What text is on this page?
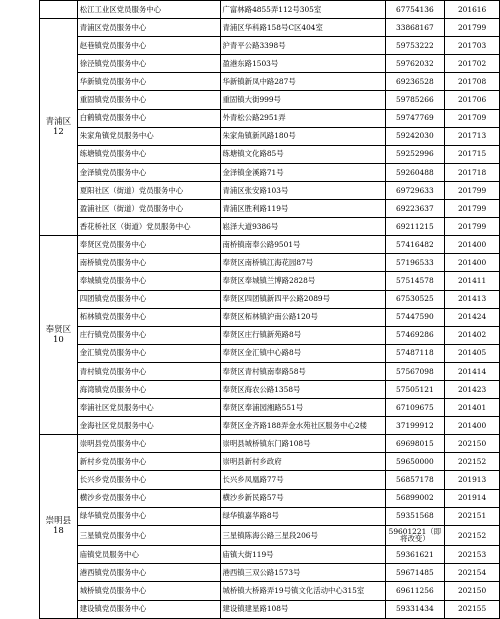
	松江工业区党员服务中心	广富林路4855弄112号305室	67754136	201616

青浦区
12	青浦区党员服务中心	青浦区华科路158号C区404室	33868167	201799
	赵巷镇党员服务中心	沪青平公路3398号	59753222	201703
	徐泾镇党员服务中心	盈港东路1503号	59762032	201702
	华新镇党员服务中心	华新镇新凤中路287号	69236528	201708
	重固镇党员服务中心	重固镇大街999号	59785266	201706
	白鹤镇党员服务中心	外青松公路2951弄	59747769	201709
	朱家角镇党员服务中心	朱家角镇新风路180号	59242030	201713
	练塘镇党员服务中心	练塘镇文化路85号	59252996	201715
	金泽镇党员服务中心	金泽镇金溪路71号	59260488	201718
	夏阳社区（街道）党员服务中心	青浦区张安路103号	69729633	201799
	盈浦社区（街道）党员服务中心	青浦区胜利路119号	69223637	201799
	香花桥社区（街道）党员服务中心	崧泽大道9386号	69211215	201799

奉贤区
10	奉贤区党员服务中心	南桥镇南奉公路9501号	57416482	201400
	南桥镇党员服务中心	奉贤区南桥镇江海花园87号	57196533	201400
	奉城镇党员服务中心	奉贤区奉城镇兰博路2828号	57514578	201411
	四团镇党员服务中心	奉贤区四团镇新四平公路2089号	67530525	201413
	柘林镇党员服务中心	奉贤区柘林镇沪南公路120号	57447590	201424
	庄行镇党员服务中心	奉贤区庄行镇新苑路8号	57469286	201402
	金汇镇党员服务中心	奉贤区金汇镇中心路8号	57487118	201405
	青村镇党员服务中心	奉贤区青村镇南奉路58号	57567098	201414
	海湾镇党员服务中心	奉贤区海农公路1358号	57505121	201423
	奉浦社区党员服务中心	奉贤区奉浦园湘路551号	67109675	201401
	金海社区党员服务中心	奉贤区金齐路188弄金水苑社区服务中心2楼	37199912	201400

崇明县
18	崇明县党员服务中心	崇明县城桥镇东门路108号	69698015	202150
	新村乡党员服务中心	崇明县新村乡政府	59650000	202152
	长兴乡党员服务中心	长兴乡凤凰路77号	56857178	201913
	横沙乡党员服务中心	横沙乡新民路57号	56899002	201914
	绿华镇党员服务中心	绿华镇嘉华路8号	59351568	202151
	三星镇党员服务中心	三星镇陈海公路三星段206号	59601221（即将改变）	202152
	庙镇党员服务中心	庙镇大街119号	59361621	202153
	港西镇党员服务中心	港西镇三双公路1573号	59671485	202154
	城桥镇党员服务中心	城桥镇大桥路弄19号镇文化活动中心315室	69611256	202150
	建设镇党员服务中心	建设镇建星路108号	59331434	202155
